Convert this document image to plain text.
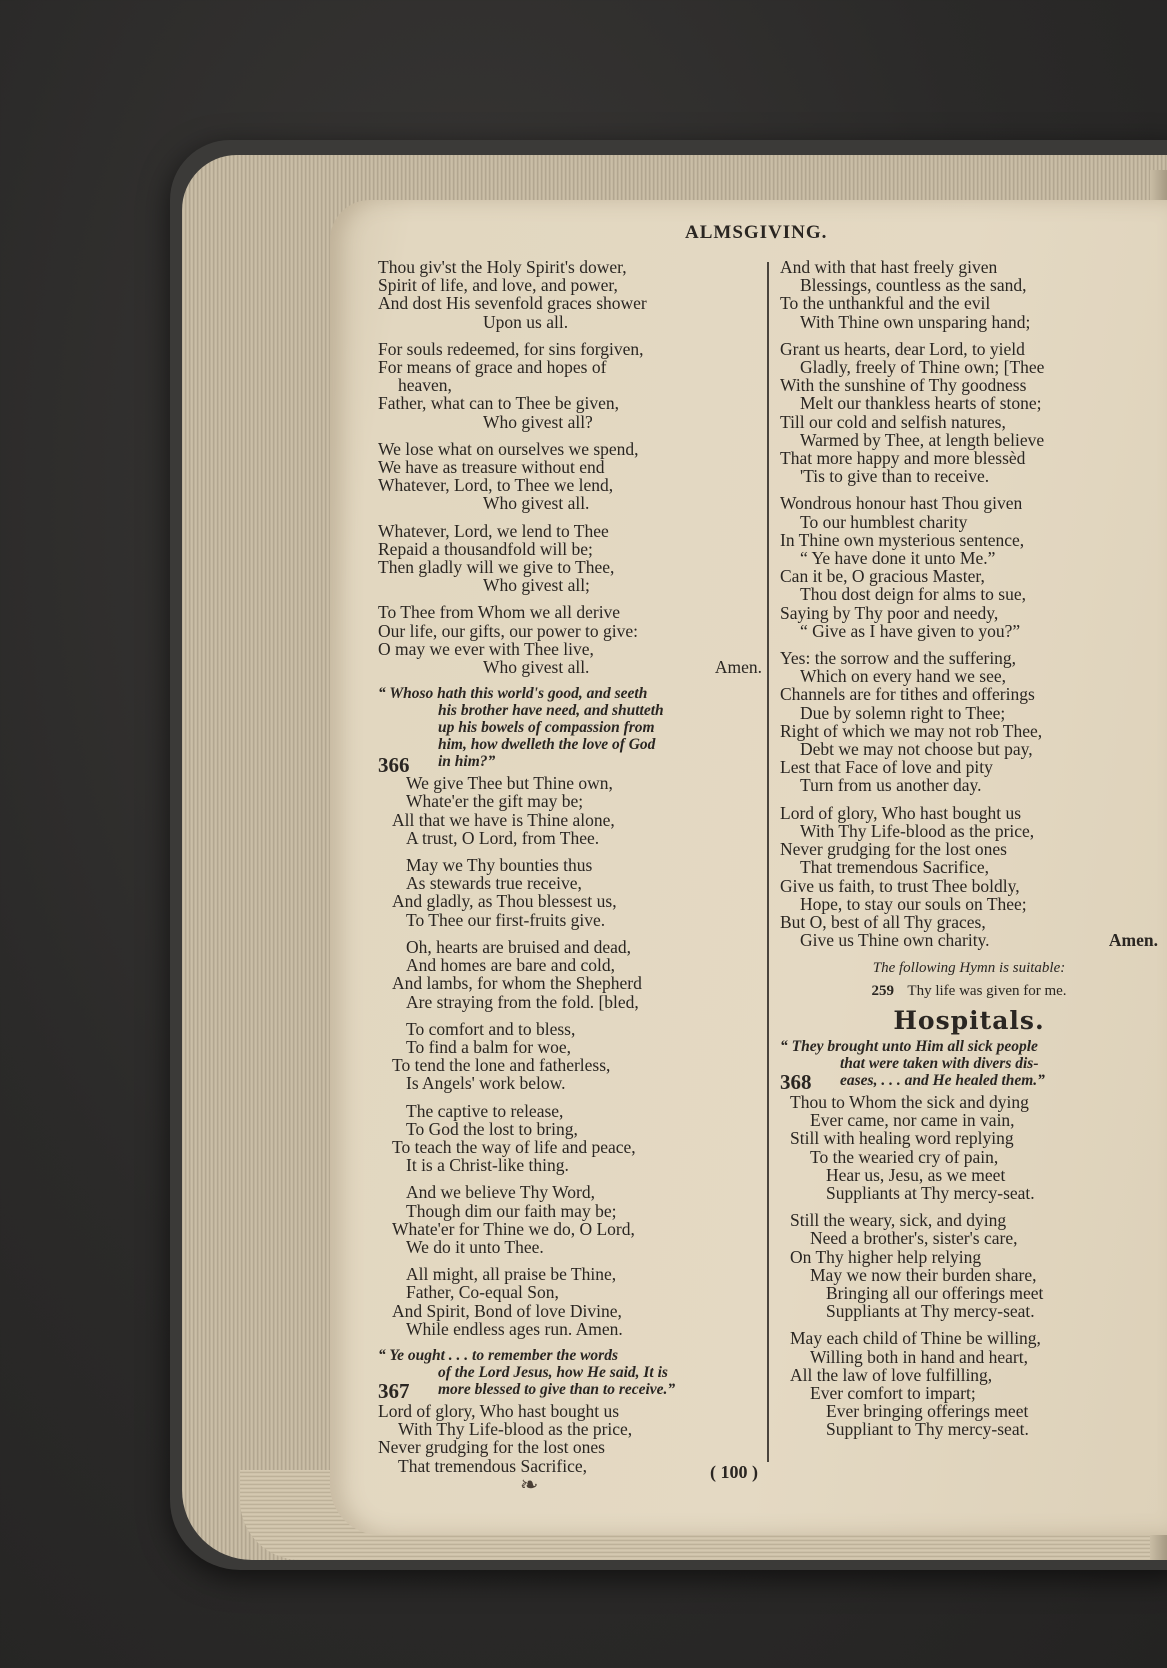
ALMSGIVING.
Thou giv'st the Holy Spirit's dower,
Spirit of life, and love, and power,
And dost His sevenfold graces shower
Upon us all.
For souls redeemed, for sins forgiven,
For means of grace and hopes of
heaven,
Father, what can to Thee be given,
Who givest all?
We lose what on ourselves we spend,
We have as treasure without end
Whatever, Lord, to Thee we lend,
Who givest all.
Whatever, Lord, we lend to Thee
Repaid a thousandfold will be;
Then gladly will we give to Thee,
Who givest all;
To Thee from Whom we all derive
Our life, our gifts, our power to give:
O may we ever with Thee live,
Who givest all.	Amen.
“ Whoso hath this world's good, and seeth
his brother have need, and shutteth
up his bowels of compassion from
him, how dwelleth the love of God
in him?”
366
We give Thee but Thine own,
Whate'er the gift may be;
All that we have is Thine alone,
A trust, O Lord, from Thee.
May we Thy bounties thus
As stewards true receive,
And gladly, as Thou blessest us,
To Thee our first-fruits give.
Oh, hearts are bruised and dead,
And homes are bare and cold,
And lambs, for whom the Shepherd
Are straying from the fold. [bled,
To comfort and to bless,
To find a balm for woe,
To tend the lone and fatherless,
Is Angels' work below.
The captive to release,
To God the lost to bring,
To teach the way of life and peace,
It is a Christ-like thing.
And we believe Thy Word,
Though dim our faith may be;
Whate'er for Thine we do, O Lord,
We do it unto Thee.
All might, all praise be Thine,
Father, Co-equal Son,
And Spirit, Bond of love Divine,
While endless ages run. Amen.
“ Ye ought . . . to remember the words
of the Lord Jesus, how He said, It is
more blessed to give than to receive.”
367
Lord of glory, Who hast bought us
With Thy Life-blood as the price,
Never grudging for the lost ones
That tremendous Sacrifice,
And with that hast freely given
Blessings, countless as the sand,
To the unthankful and the evil
With Thine own unsparing hand;
Grant us hearts, dear Lord, to yield
Gladly, freely of Thine own; [Thee
With the sunshine of Thy goodness
Melt our thankless hearts of stone;
Till our cold and selfish natures,
Warmed by Thee, at length believe
That more happy and more blessèd
'Tis to give than to receive.
Wondrous honour hast Thou given
To our humblest charity
In Thine own mysterious sentence,
“ Ye have done it unto Me.”
Can it be, O gracious Master,
Thou dost deign for alms to sue,
Saying by Thy poor and needy,
“ Give as I have given to you?”
Yes: the sorrow and the suffering,
Which on every hand we see,
Channels are for tithes and offerings
Due by solemn right to Thee;
Right of which we may not rob Thee,
Debt we may not choose but pay,
Lest that Face of love and pity
Turn from us another day.
Lord of glory, Who hast bought us
With Thy Life-blood as the price,
Never grudging for the lost ones
That tremendous Sacrifice,
Give us faith, to trust Thee boldly,
Hope, to stay our souls on Thee;
But O, best of all Thy graces,
Give us Thine own charity.	Amen.
The following Hymn is suitable:
259 Thy life was given for me.
Hospitals.
“ They brought unto Him all sick people
that were taken with divers dis-
eases, . . . and He healed them.”
368
Thou to Whom the sick and dying
Ever came, nor came in vain,
Still with healing word replying
To the wearied cry of pain,
Hear us, Jesu, as we meet
Suppliants at Thy mercy-seat.
Still the weary, sick, and dying
Need a brother's, sister's care,
On Thy higher help relying
May we now their burden share,
Bringing all our offerings meet
Suppliants at Thy mercy-seat.
May each child of Thine be willing,
Willing both in hand and heart,
All the law of love fulfilling,
Ever comfort to impart;
Ever bringing offerings meet
Suppliant to Thy mercy-seat.
❧	( 100 )
